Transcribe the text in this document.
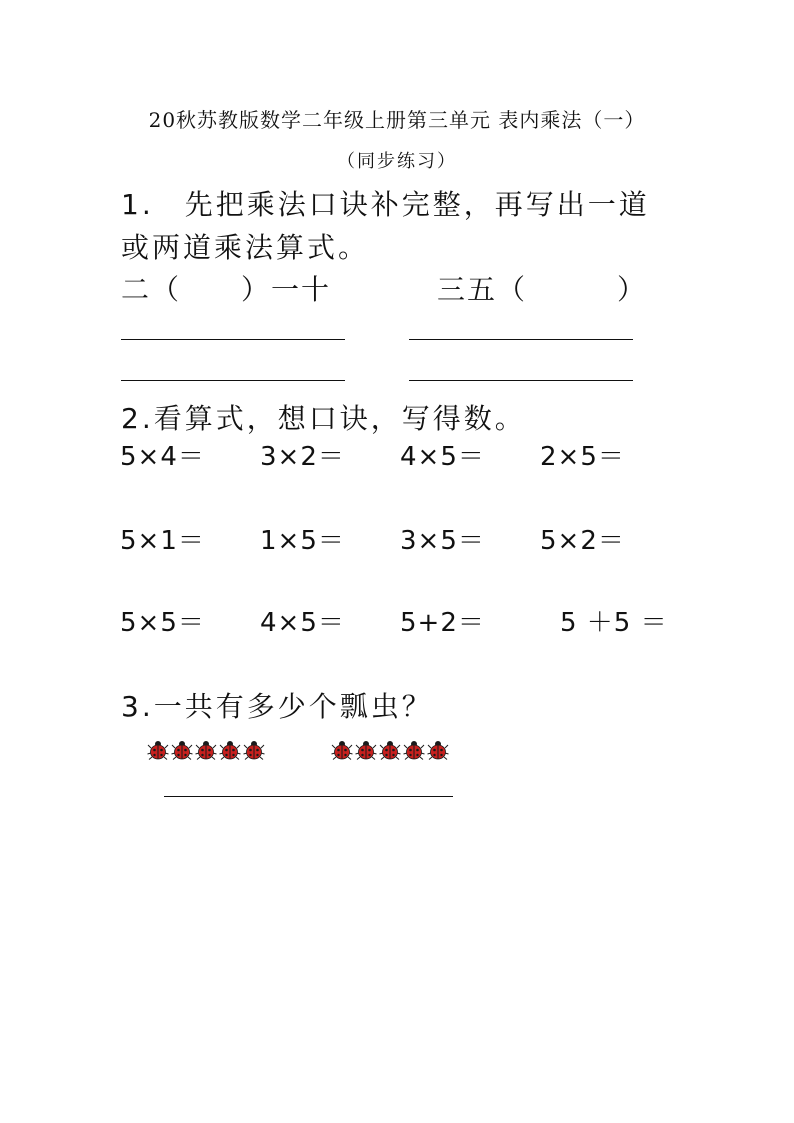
20秋苏教版数学二年级上册第三单元 表内乘法（一）
（同步练习）
1.　先把乘法口诀补完整，再写出一道
或两道乘法算式。
二（　　）一十	三五（　　　）
2.看算式，想口诀，写得数。
5×4＝ 3×2＝ 4×5＝ 2×5＝
5×1＝ 1×5＝ 3×5＝ 5×2＝
5×5＝ 4×5＝ 5+2＝	5 ＋5 ＝
3.一共有多少个瓢虫？
